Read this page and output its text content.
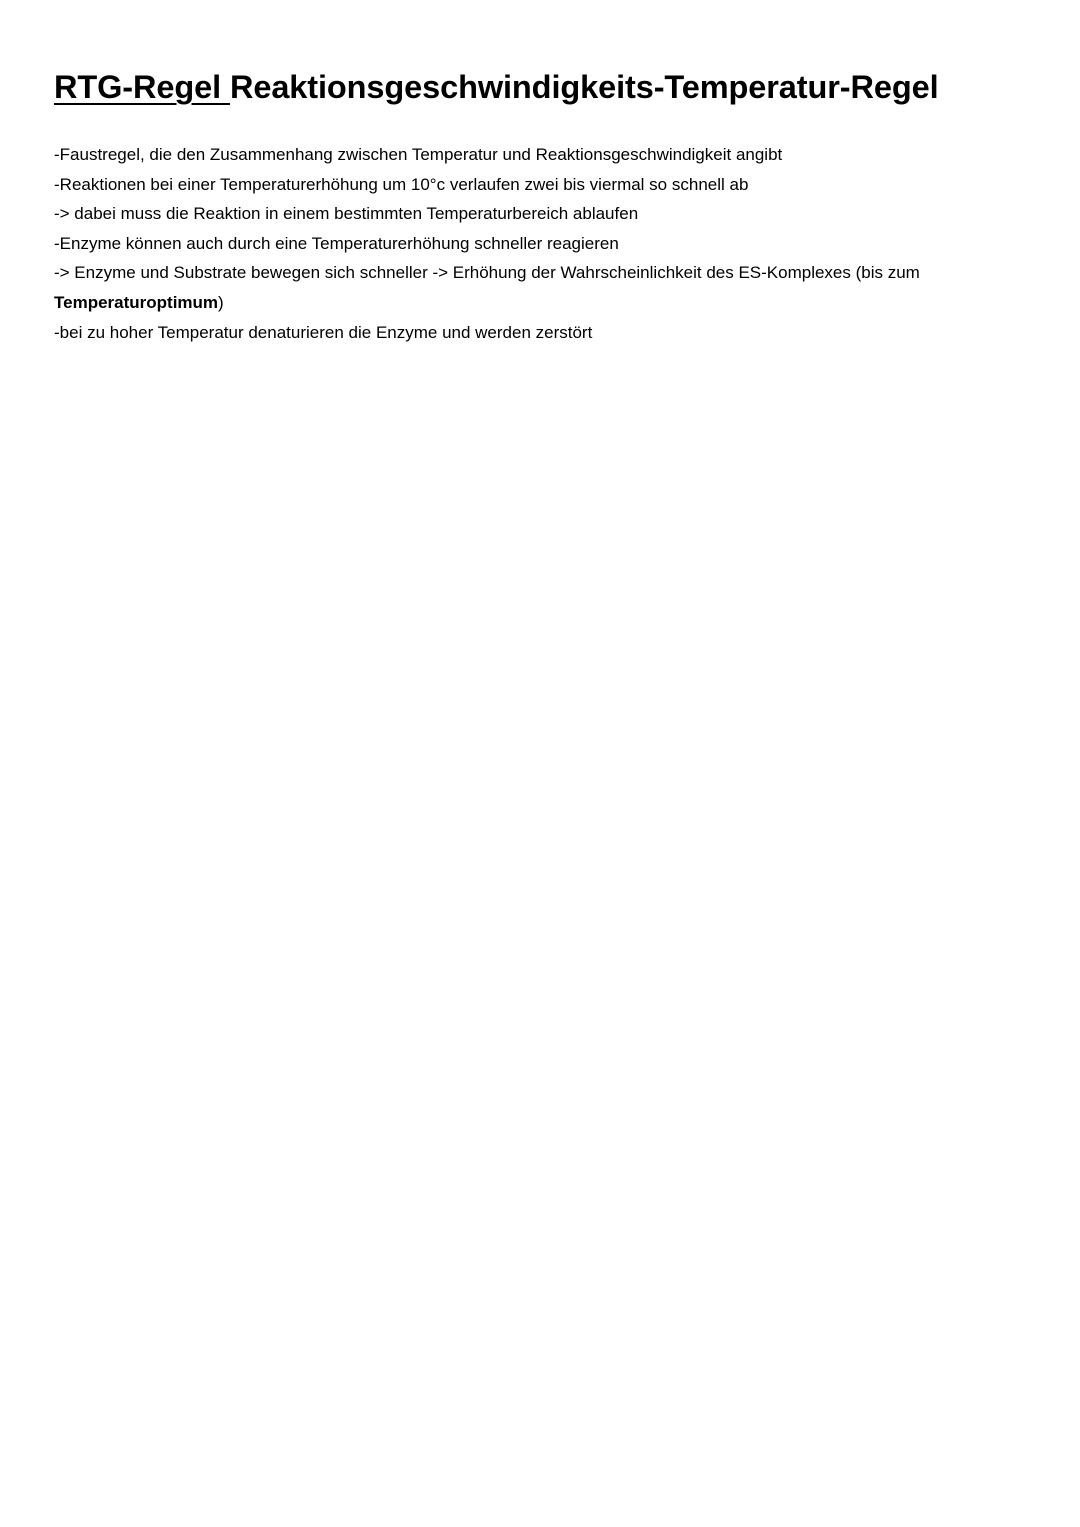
RTG-Regel Reaktionsgeschwindigkeits-Temperatur-Regel
-Faustregel, die den Zusammenhang zwischen Temperatur und Reaktionsgeschwindigkeit angibt
-Reaktionen bei einer Temperaturerhöhung um 10°c verlaufen zwei bis viermal so schnell ab
-> dabei muss die Reaktion in einem bestimmten Temperaturbereich ablaufen
-Enzyme können auch durch eine Temperaturerhöhung schneller reagieren
-> Enzyme und Substrate bewegen sich schneller -> Erhöhung der Wahrscheinlichkeit des ES-Komplexes (bis zum
Temperaturoptimum)
-bei zu hoher Temperatur denaturieren die Enzyme und werden zerstört
